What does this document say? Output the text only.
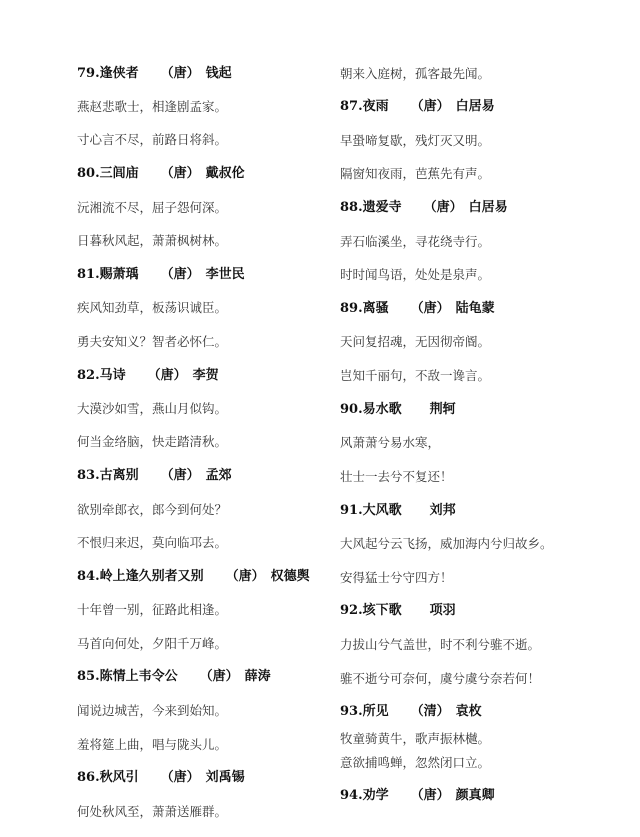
79.逢侠者 （唐） 钱起
燕赵悲歌士，相逢剧孟家。
寸心言不尽，前路日将斜。
80.三闾庙 （唐） 戴叔伦
沅湘流不尽，屈子怨何深。
日暮秋风起，萧萧枫树林。
81.赐萧瑀 （唐） 李世民
疾风知劲草，板荡识诚臣。
勇夫安知义？智者必怀仁。
82.马诗 （唐） 李贺
大漠沙如雪，燕山月似钩。
何当金络脑，快走踏清秋。
83.古离别 （唐） 孟郊
欲别牵郎衣，郎今到何处？
不恨归来迟，莫向临邛去。
84.岭上逢久别者又别 （唐） 权德舆
十年曾一别，征路此相逢。
马首向何处，夕阳千万峰。
85.陈情上韦令公 （唐） 薛涛
闻说边城苦，今来到始知。
羞将筵上曲，唱与陇头儿。
86.秋风引 （唐） 刘禹锡
何处秋风至，萧萧送雁群。
朝来入庭树，孤客最先闻。
87.夜雨 （唐） 白居易
早蛩啼复歇，残灯灭又明。
隔窗知夜雨，芭蕉先有声。
88.遗爱寺 （唐） 白居易
弄石临溪坐，寻花绕寺行。
时时闻鸟语，处处是泉声。
89.离骚 （唐） 陆龟蒙
天问复招魂，无因彻帝阍。
岂知千丽句，不敌一谗言。
90.易水歌 荆轲
风萧萧兮易水寒，
壮士一去兮不复还！
91.大风歌 刘邦
大风起兮云飞扬，威加海内兮归故乡。
安得猛士兮守四方！
92.垓下歌 项羽
力拔山兮气盖世，时不利兮骓不逝。
骓不逝兮可奈何，虞兮虞兮奈若何！
93.所见 （清） 袁枚
牧童骑黄牛，歌声振林樾。
意欲捕鸣蝉，忽然闭口立。
94.劝学 （唐） 颜真卿
